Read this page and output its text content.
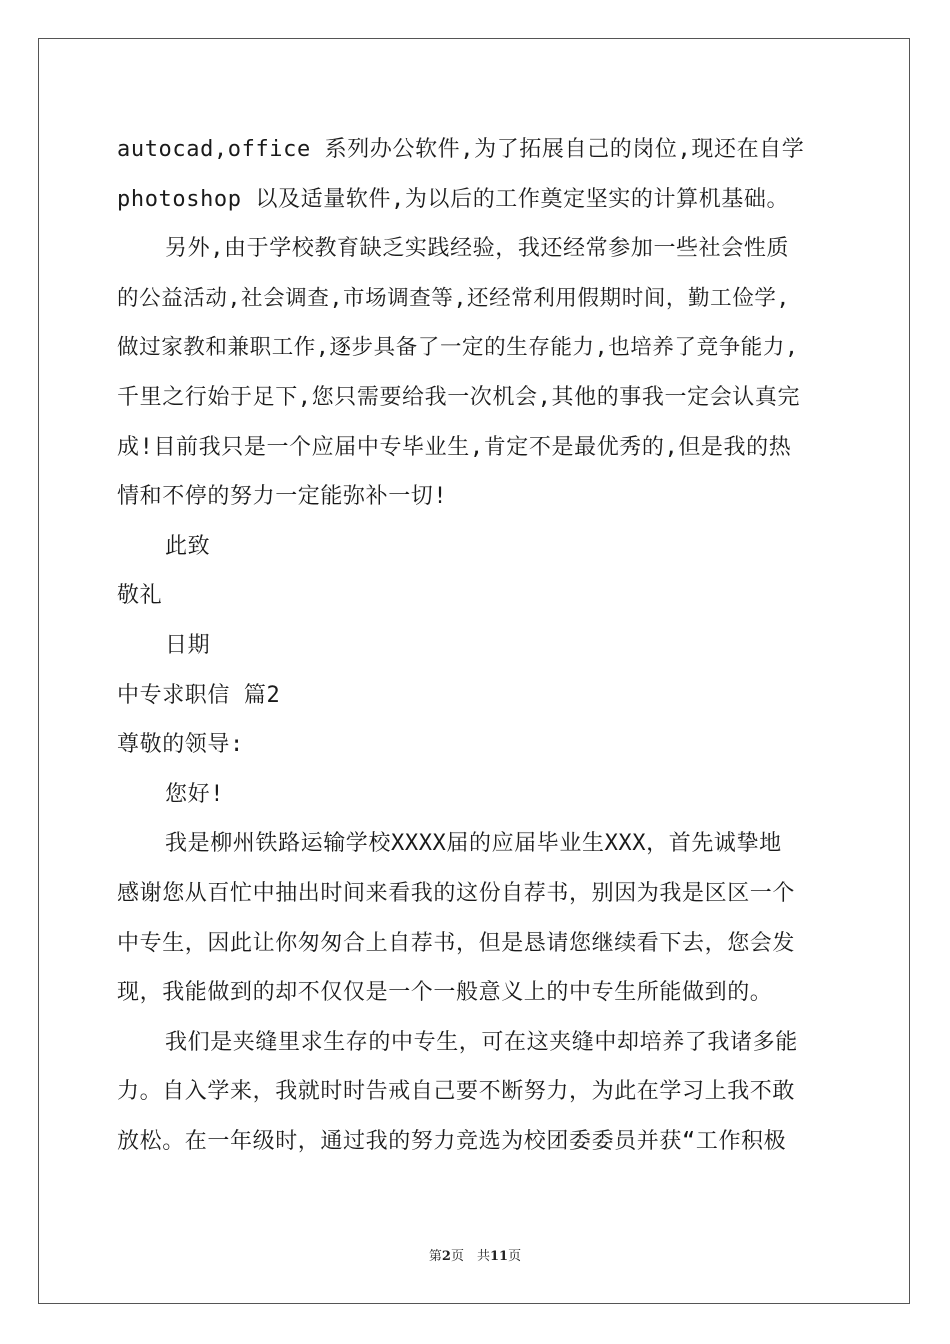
autocad,office 系列办公软件,为了拓展自己的岗位,现还在自学
photoshop 以及适量软件,为以后的工作奠定坚实的计算机基础。
另外,由于学校教育缺乏实践经验，我还经常参加一些社会性质
的公益活动,社会调查,市场调查等,还经常利用假期时间，勤工俭学,
做过家教和兼职工作,逐步具备了一定的生存能力,也培养了竞争能力,
千里之行始于足下,您只需要给我一次机会,其他的事我一定会认真完
成!目前我只是一个应届中专毕业生,肯定不是最优秀的,但是我的热
情和不停的努力一定能弥补一切!
此致
敬礼
日期
中专求职信 篇2
尊敬的领导:
您好!
我是柳州铁路运输学校XXXX届的应届毕业生XXX，首先诚挚地
感谢您从百忙中抽出时间来看我的这份自荐书，别因为我是区区一个
中专生，因此让你匆匆合上自荐书，但是恳请您继续看下去，您会发
现，我能做到的却不仅仅是一个一般意义上的中专生所能做到的。
我们是夹缝里求生存的中专生，可在这夹缝中却培养了我诸多能
力。自入学来，我就时时告戒自己要不断努力，为此在学习上我不敢
放松。在一年级时，通过我的努力竞选为校团委委员并获“工作积极
第2页　共11页
